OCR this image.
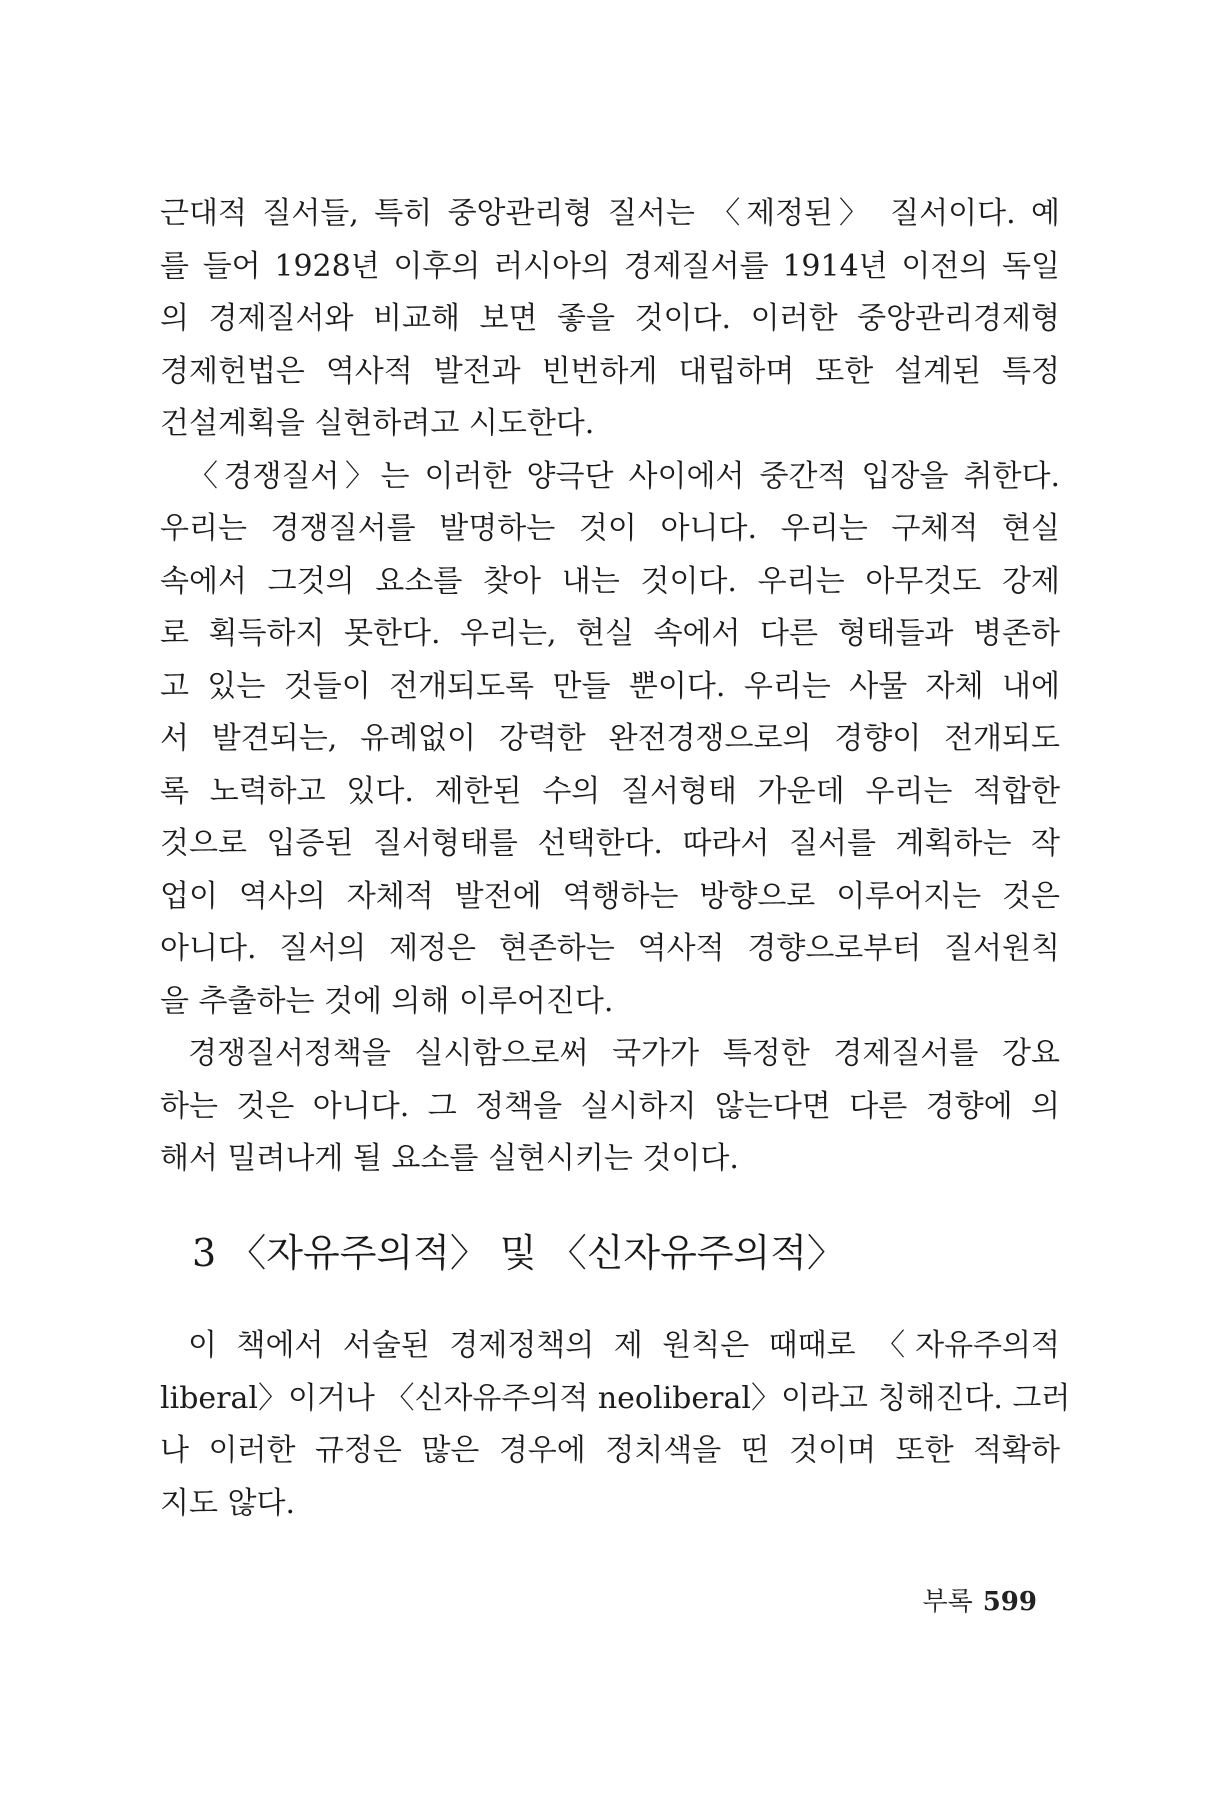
근대적 질서들, 특히 중앙관리형 질서는 〈제정된〉 질서이다. 예
를 들어 1928년 이후의 러시아의 경제질서를 1914년 이전의 독일
의 경제질서와 비교해 보면 좋을 것이다. 이러한 중앙관리경제형
경제헌법은 역사적 발전과 빈번하게 대립하며 또한 설계된 특정
건설계획을 실현하려고 시도한다.
〈경쟁질서〉는 이러한 양극단 사이에서 중간적 입장을 취한다.
우리는 경쟁질서를 발명하는 것이 아니다. 우리는 구체적 현실
속에서 그것의 요소를 찾아 내는 것이다. 우리는 아무것도 강제
로 획득하지 못한다. 우리는, 현실 속에서 다른 형태들과 병존하
고 있는 것들이 전개되도록 만들 뿐이다. 우리는 사물 자체 내에
서 발견되는, 유례없이 강력한 완전경쟁으로의 경향이 전개되도
록 노력하고 있다. 제한된 수의 질서형태 가운데 우리는 적합한
것으로 입증된 질서형태를 선택한다. 따라서 질서를 계획하는 작
업이 역사의 자체적 발전에 역행하는 방향으로 이루어지는 것은
아니다. 질서의 제정은 현존하는 역사적 경향으로부터 질서원칙
을 추출하는 것에 의해 이루어진다.
경쟁질서정책을 실시함으로써 국가가 특정한 경제질서를 강요
하는 것은 아니다. 그 정책을 실시하지 않는다면 다른 경향에 의
해서 밀려나게 될 요소를 실현시키는 것이다.
3 〈자유주의적〉 및 〈신자유주의적〉
이 책에서 서술된 경제정책의 제 원칙은 때때로 〈자유주의적
liberal〉이거나 〈신자유주의적 neoliberal〉이라고 칭해진다. 그러
나 이러한 규정은 많은 경우에 정치색을 띤 것이며 또한 적확하
지도 않다.
부록 599
